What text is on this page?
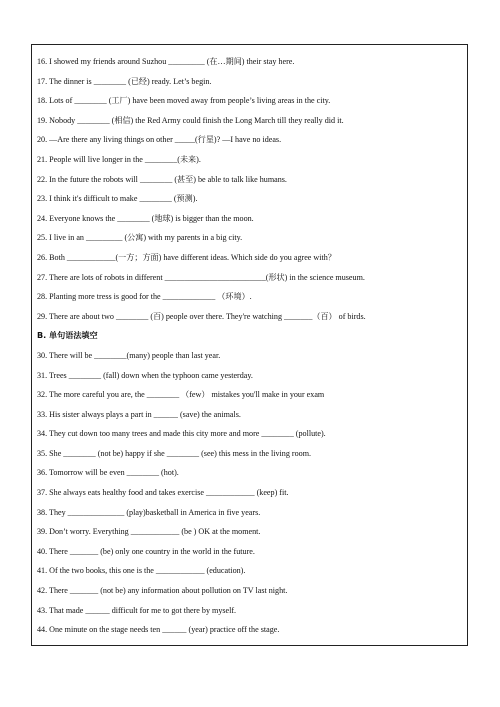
16. I showed my friends around Suzhou _________ (在…期间) their stay here.
17. The dinner is ________ (已经) ready. Let’s begin.
18. Lots of ________ (工厂) have been moved away from people’s living areas in the city.
19. Nobody ________ (相信) the Red Army could finish the Long March till they really did it.
20. —Are there any living things on other _____(行星)? —I have no ideas.
21. People will live longer in the ________(未来).
22. In the future the robots will ________ (甚至) be able to talk like humans.
23. I think it's difficult to make ________ (预测).
24. Everyone knows the ________ (地球) is bigger than the moon.
25. I live in an _________ (公寓) with my parents in a big city.
26. Both ____________(一方；方面) have different ideas. Which side do you agree with？
27. There are lots of robots in different _________________________(形状) in the science museum.
28. Planting more tress is good for the _____________ （环境）.
29. There are about two ________ (百) people over there. They're watching _______（百） of birds.
B. 单句语法填空
30. There will be ________(many) people than last year.
31. Trees ________ (fall) down when the typhoon came yesterday.
32. The more careful you are, the ________ （few） mistakes you'll make in your exam
33. His sister always plays a part in ______ (save) the animals.
34. They cut down too many trees and made this city more and more ________ (pollute).
35. She ________ (not be) happy if she ________ (see) this mess in the living room.
36. Tomorrow will be even ________ (hot).
37. She always eats healthy food and takes exercise ____________ (keep) fit.
38. They ______________ (play)basketball in America in five years.
39. Don’t worry. Everything ____________ (be ) OK at the moment.
40. There _______ (be) only one country in the world in the future.
41. Of the two books, this one is the ____________ (education).
42. There _______ (not be) any information about pollution on TV last night.
43. That made ______ difficult for me to got there by myself.
44. One minute on the stage needs ten ______ (year) practice off the stage.
